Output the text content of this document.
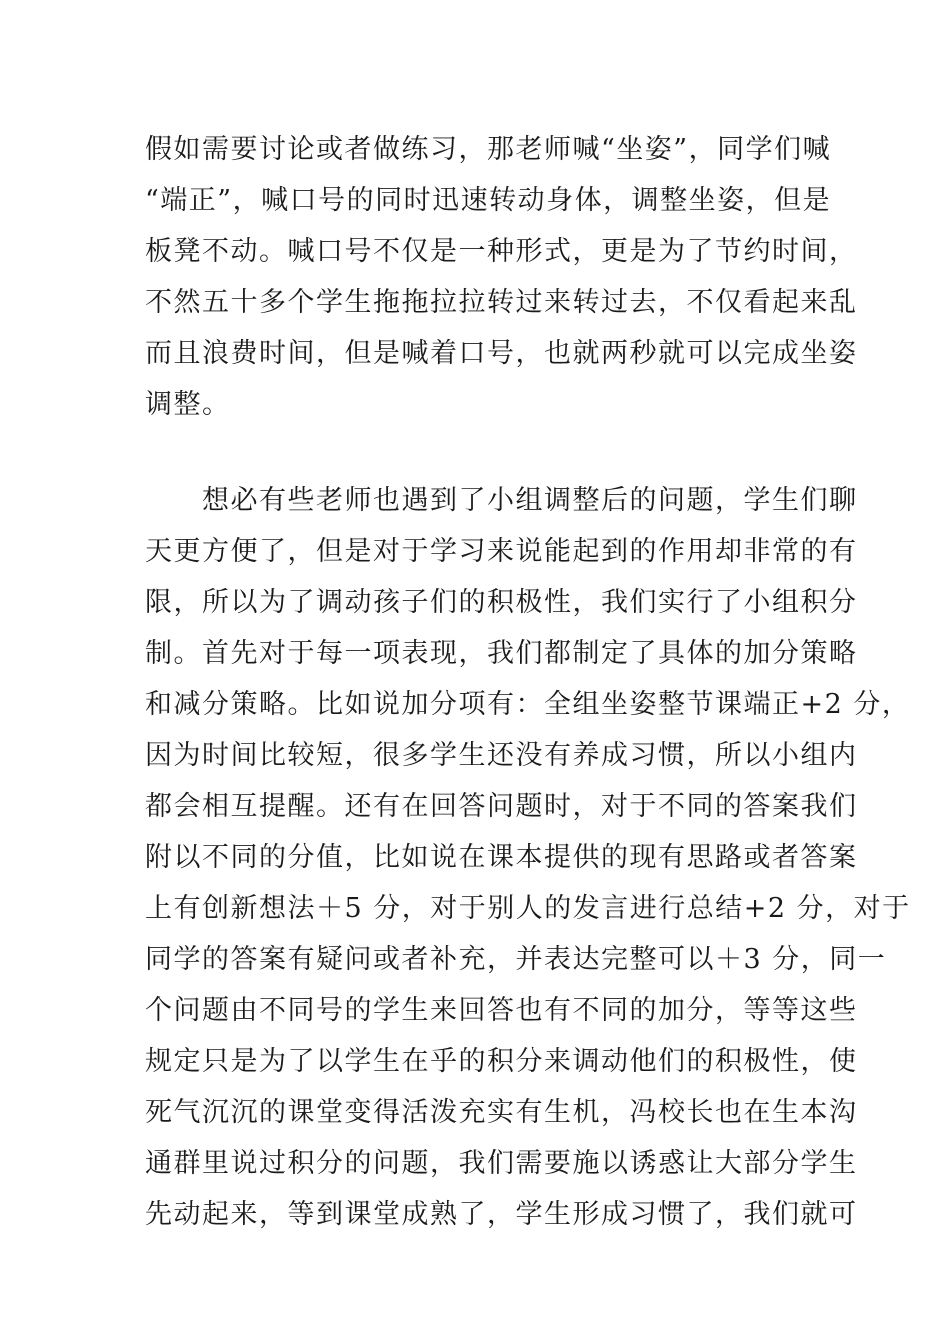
假如需要讨论或者做练习，那老师喊“坐姿”，同学们喊
“端正”，喊口号的同时迅速转动身体，调整坐姿，但是
板凳不动。喊口号不仅是一种形式，更是为了节约时间，
不然五十多个学生拖拖拉拉转过来转过去，不仅看起来乱
而且浪费时间，但是喊着口号，也就两秒就可以完成坐姿
调整。
　　想必有些老师也遇到了小组调整后的问题，学生们聊
天更方便了，但是对于学习来说能起到的作用却非常的有
限，所以为了调动孩子们的积极性，我们实行了小组积分
制。首先对于每一项表现，我们都制定了具体的加分策略
和减分策略。比如说加分项有：全组坐姿整节课端正+2 分，
因为时间比较短，很多学生还没有养成习惯，所以小组内
都会相互提醒。还有在回答问题时，对于不同的答案我们
附以不同的分值，比如说在课本提供的现有思路或者答案
上有创新想法＋5 分，对于别人的发言进行总结+2 分，对于
同学的答案有疑问或者补充，并表达完整可以＋3 分，同一
个问题由不同号的学生来回答也有不同的加分，等等这些
规定只是为了以学生在乎的积分来调动他们的积极性，使
死气沉沉的课堂变得活泼充实有生机，冯校长也在生本沟
通群里说过积分的问题，我们需要施以诱惑让大部分学生
先动起来，等到课堂成熟了，学生形成习惯了，我们就可
